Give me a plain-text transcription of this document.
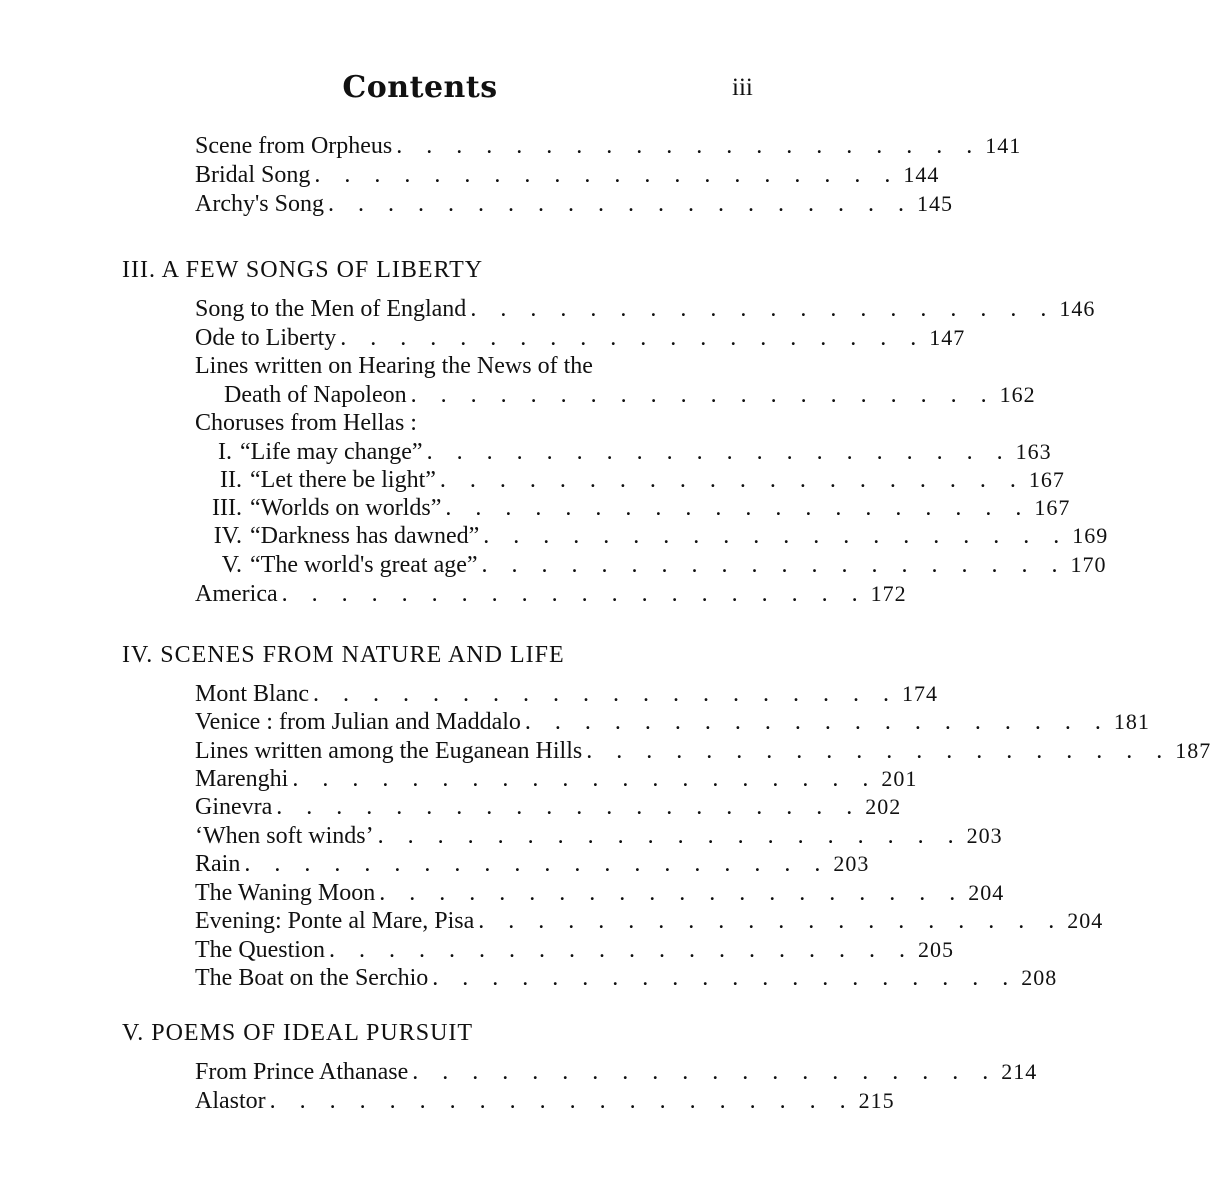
Contents	iii
Scene from Orpheus . . . . . . . . . . . . . . . . . . . . 141
Bridal Song . . . . . . . . . . . . . . . . . . . . 144
Archy's Song . . . . . . . . . . . . . . . . . . . . 145
III. A FEW SONGS OF LIBERTY
Song to the Men of England . . . . . . . . . . . . . . . . . . . . 146
Ode to Liberty . . . . . . . . . . . . . . . . . . . . 147
Lines written on Hearing the News of the
Death of Napoleon . . . . . . . . . . . . . . . . . . . . 162
Choruses from Hellas :
I. “Life may change” . . . . . . . . . . . . . . . . . . . . 163
II. “Let there be light” . . . . . . . . . . . . . . . . . . . . 167
III. “Worlds on worlds” . . . . . . . . . . . . . . . . . . . . 167
IV. “Darkness has dawned” . . . . . . . . . . . . . . . . . . . . 169
V. “The world's great age” . . . . . . . . . . . . . . . . . . . . 170
America . . . . . . . . . . . . . . . . . . . . 172
IV. SCENES FROM NATURE AND LIFE
Mont Blanc . . . . . . . . . . . . . . . . . . . . 174
Venice : from Julian and Maddalo . . . . . . . . . . . . . . . . . . . . 181
Lines written among the Euganean Hills . . . . . . . . . . . . . . . . . . . . 187
Marenghi . . . . . . . . . . . . . . . . . . . . 201
Ginevra . . . . . . . . . . . . . . . . . . . . 202
‘When soft winds’ . . . . . . . . . . . . . . . . . . . . 203
Rain . . . . . . . . . . . . . . . . . . . . 203
The Waning Moon . . . . . . . . . . . . . . . . . . . . 204
Evening: Ponte al Mare, Pisa . . . . . . . . . . . . . . . . . . . . 204
The Question . . . . . . . . . . . . . . . . . . . . 205
The Boat on the Serchio . . . . . . . . . . . . . . . . . . . . 208
V. POEMS OF IDEAL PURSUIT
From Prince Athanase . . . . . . . . . . . . . . . . . . . . 214
Alastor . . . . . . . . . . . . . . . . . . . . 215
